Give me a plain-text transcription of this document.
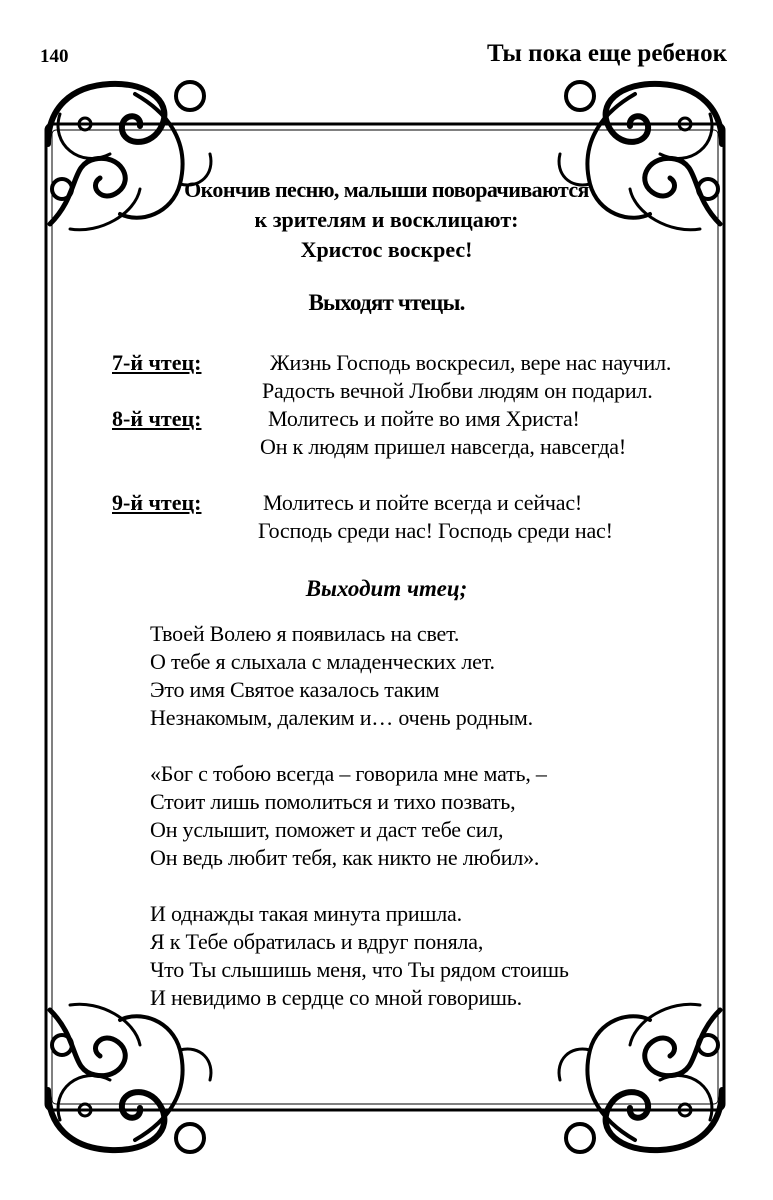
140	Ты пока еще ребенок
Окончив песню, малыши поворачиваются
к зрителям и восклицают:
Христос воскрес!
Выходят чтецы.
7-й чтец:	Жизнь Господь воскресил, вере нас научил.
Радость вечной Любви людям он подарил.
8-й чтец:	Молитесь и пойте во имя Христа!
Он к людям пришел навсегда, навсегда!
9-й чтец:	Молитесь и пойте всегда и сейчас!
Господь среди нас! Господь среди нас!
Выходит чтец;
Твоей Волею я появилась на свет.
О тебе я слыхала с младенческих лет.
Это имя Святое казалось таким
Незнакомым, далеким и… очень родным.
«Бог с тобою всегда – говорила мне мать, –
Стоит лишь помолиться и тихо позвать,
Он услышит, поможет и даст тебе сил,
Он ведь любит тебя, как никто не любил».
И однажды такая минута пришла.
Я к Тебе обратилась и вдруг поняла,
Что Ты слышишь меня, что Ты рядом стоишь
И невидимо в сердце со мной говоришь.
